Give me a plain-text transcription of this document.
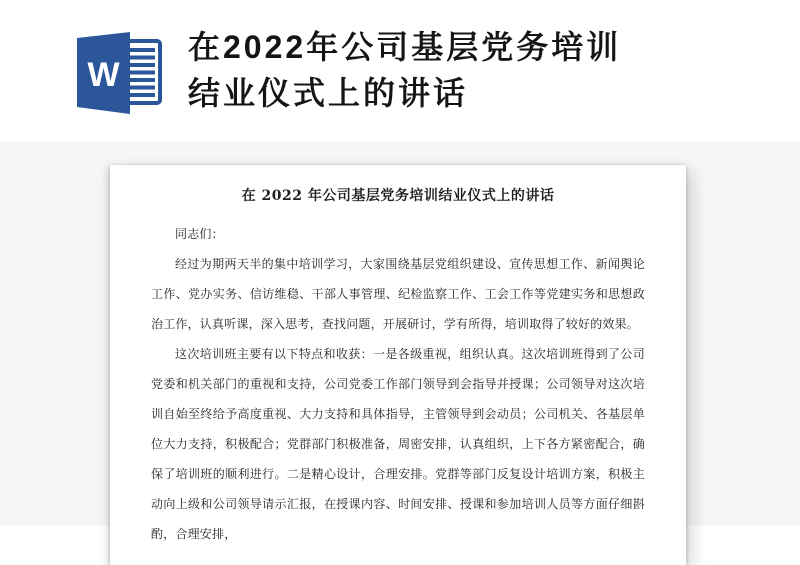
W
在2022年公司基层党务培训
结业仪式上的讲话
在 2022 年公司基层党务培训结业仪式上的讲话

同志们：

经过为期两天半的集中培训学习，大家围绕基层党组织建设、宣传思想工作、新闻舆论工作、党办实务、信访维稳、干部人事管理、纪检监察工作、工会工作等党建实务和思想政治工作，认真听课，深入思考，查找问题，开展研讨，学有所得，培训取得了较好的效果。

这次培训班主要有以下特点和收获：一是各级重视，组织认真。这次培训班得到了公司党委和机关部门的重视和支持，公司党委工作部门领导到会指导并授课；公司领导对这次培训自始至终给予高度重视、大力支持和具体指导，主管领导到会动员；公司机关、各基层单位大力支持，积极配合；党群部门积极准备，周密安排，认真组织，上下各方紧密配合，确保了培训班的顺利进行。二是精心设计，合理安排。党群等部门反复设计培训方案，积极主动向上级和公司领导请示汇报，在授课内容、时间安排、授课和参加培训人员等方面仔细斟酌，合理安排，
